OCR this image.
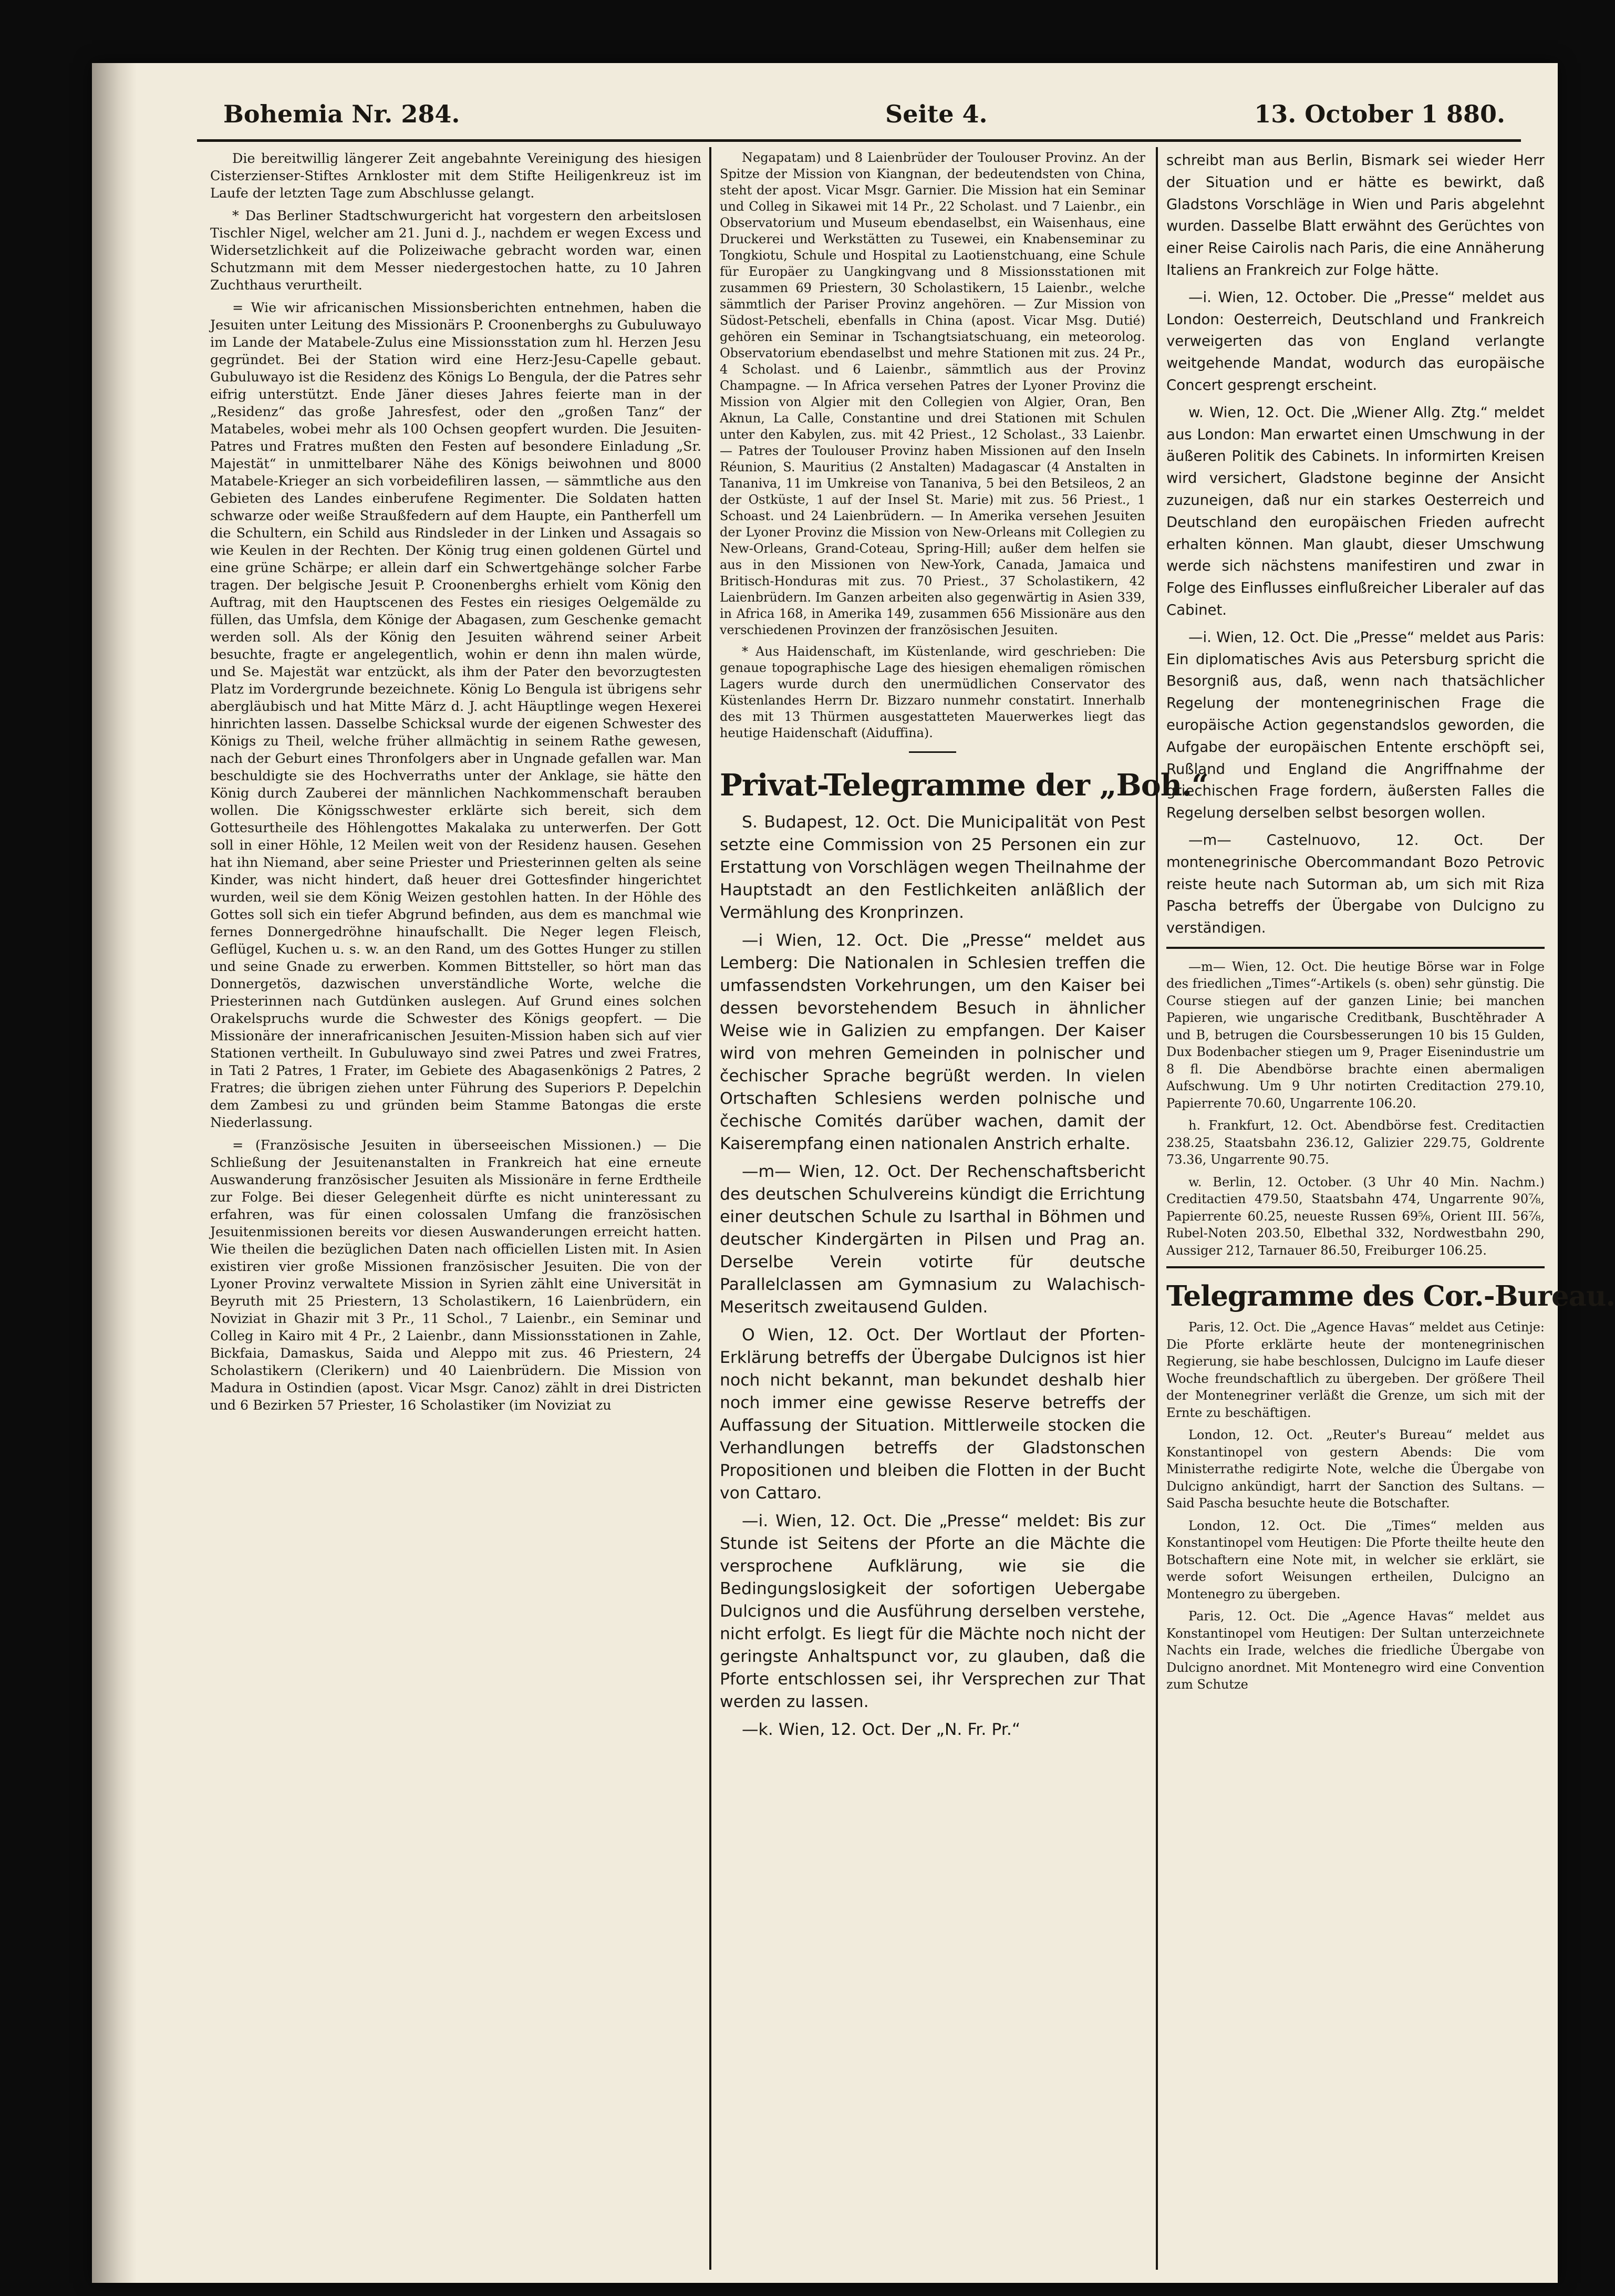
Bohemia Nr. 284.	Seite 4.	13. October 1 880.

Die bereitwillig längerer Zeit angebahnte Vereinigung des hiesigen Cisterzienser-Stiftes Arnkloster mit dem Stifte Heiligenkreuz ist im Laufe der letzten Tage zum Abschlusse gelangt.

* Das Berliner Stadtschwurgericht hat vorgestern den arbeitslosen Tischler Nigel, welcher am 21. Juni d. J., nachdem er wegen Excess und Widersetzlichkeit auf die Polizeiwache gebracht worden war, einen Schutzmann mit dem Messer niedergestochen hatte, zu 10 Jahren Zuchthaus verurtheilt.

= Wie wir africanischen Missionsberichten entnehmen, haben die Jesuiten unter Leitung des Missionärs P. Croonenberghs zu Gubuluwayo im Lande der Matabele-Zulus eine Missionsstation zum hl. Herzen Jesu gegründet. Bei der Station wird eine Herz-Jesu-Capelle gebaut. Gubuluwayo ist die Residenz des Königs Lo Bengulа, der die Patres sehr eifrig unterstützt. Ende Jäner dieses Jahres feierte man in der „Residenz“ das große Jahresfest, oder den „großen Tanz“ der Matabeles, wobei mehr als 100 Ochsen geopfert wurden. Die Jesuiten-Patres und Fratres mußten den Festen auf besondere Einladung „Sr. Majestät“ in unmittelbarer Nähe des Königs beiwohnen und 8000 Matabele-Krieger an sich vorbeidefiliren lassen, — sämmtliche aus den Gebieten des Landes einberufene Regimenter. Die Soldaten hatten schwarze oder weiße Straußfedern auf dem Haupte, ein Pantherfell um die Schultern, ein Schild aus Rindsleder in der Linken und Assagais so wie Keulen in der Rechten. Der König trug einen goldenen Gürtel und eine grüne Schärpe; er allein darf ein Schwertgehänge solcher Farbe tragen. Der belgische Jesuit P. Croonenberghs erhielt vom König den Auftrag, mit den Hauptscenen des Festes ein riesiges Oelgemälde zu füllen, das Umfsla, dem Könige der Abagasen, zum Geschenke gemacht werden soll. Als der König den Jesuiten während seiner Arbeit besuchte, fragte er angelegentlich, wohin er denn ihn malen würde, und Se. Majestät war entzückt, als ihm der Pater den bevorzugtesten Platz im Vordergrunde bezeichnete. König Lo Bengula ist übrigens sehr abergläubisch und hat Mitte März d. J. acht Häuptlinge wegen Hexerei hinrichten lassen. Dasselbe Schicksal wurde der eigenen Schwester des Königs zu Theil, welche früher allmächtig in seinem Rathe gewesen, nach der Geburt eines Thronfolgers aber in Ungnade gefallen war. Man beschuldigte sie des Hochverraths unter der Anklage, sie hätte den König durch Zauberei der männlichen Nachkommenschaft berauben wollen. Die Königsschwester erklärte sich bereit, sich dem Gottesurtheile des Höhlengottes Makalaka zu unterwerfen. Der Gott soll in einer Höhle, 12 Meilen weit von der Residenz hausen. Gesehen hat ihn Niemand, aber seine Priester und Priesterinnen gelten als seine Kinder, was nicht hindert, daß heuer drei Gottesfinder hingerichtet wurden, weil sie dem König Weizen gestohlen hatten. In der Höhle des Gottes soll sich ein tiefer Abgrund befinden, aus dem es manchmal wie fernes Donnergedröhne hinaufschallt. Die Neger legen Fleisch, Geflügel, Kuchen u. s. w. an den Rand, um des Gottes Hunger zu stillen und seine Gnade zu erwerben. Kommen Bittsteller, so hört man das Donnergetös, dazwischen unverständliche Worte, welche die Priesterinnen nach Gutdünken auslegen. Auf Grund eines solchen Orakelspruchs wurde die Schwester des Königs geopfert. — Die Missionäre der innerafricanischen Jesuiten-Mission haben sich auf vier Stationen vertheilt. In Gubuluwayo sind zwei Patres und zwei Fratres, in Tati 2 Patres, 1 Frater, im Gebiete des Abagasenkönigs 2 Patres, 2 Fratres; die übrigen ziehen unter Führung des Superiors P. Depelchin dem Zambesi zu und gründen beim Stamme Batongas die erste Niederlassung.

= (Französische Jesuiten in überseeischen Missionen.) — Die Schließung der Jesuitenanstalten in Frankreich hat eine erneute Auswanderung französischer Jesuiten als Missionäre in ferne Erdtheile zur Folge. Bei dieser Gelegenheit dürfte es nicht uninteressant zu erfahren, was für einen colossalen Umfang die französischen Jesuitenmissionen bereits vor diesen Auswanderungen erreicht hatten. Wie theilen die bezüglichen Daten nach officiellen Listen mit. In Asien existiren vier große Missionen französischer Jesuiten. Die von der Lyoner Provinz verwaltete Mission in Syrien zählt eine Universität in Beyruth mit 25 Priestern, 13 Scholastikern, 16 Laienbrüdern, ein Noviziat in Ghazir mit 3 Pr., 11 Schol., 7 Laienbr., ein Seminar und Colleg in Kairo mit 4 Pr., 2 Laienbr., dann Missionsstationen in Zahle, Bickfaia, Damaskus, Saida und Aleppo mit zus. 46 Priestern, 24 Scholastikern (Clerikern) und 40 Laienbrüdern. Die Mission von Madura in Ostindien (apost. Vicar Msgr. Canoz) zählt in drei Districten und 6 Bezirken 57 Priester, 16 Scholastiker (im Noviziat zu

Negapatam) und 8 Laienbrüder der Toulouser Provinz. An der Spitze der Mission von Kiangnan, der bedeutendsten von China, steht der apost. Vicar Msgr. Garnier. Die Mission hat ein Seminar und Colleg in Sikawei mit 14 Pr., 22 Scholast. und 7 Laienbr., ein Observatorium und Museum ebendaselbst, ein Waisenhaus, eine Druckerei und Werkstätten zu Tusewei, ein Knabenseminar zu Tongkiotu, Schule und Hospital zu Laotienstchuang, eine Schule für Europäer zu Uangkingvang und 8 Missionsstationen mit zusammen 69 Priestern, 30 Scholastikern, 15 Laienbr., welche sämmtlich der Pariser Provinz angehören. — Zur Mission von Südost-Petscheli, ebenfalls in China (apost. Vicar Msg. Dutié) gehören ein Seminar in Tschangtsiatschuang, ein meteorolog. Observatorium ebendaselbst und mehre Stationen mit zus. 24 Pr., 4 Scholast. und 6 Laienbr., sämmtlich aus der Provinz Champagne. — In Africa versehen Patres der Lyoner Provinz die Mission von Algier mit den Collegien von Algier, Oran, Ben Aknun, La Calle, Constantine und drei Stationen mit Schulen unter den Kabylen, zus. mit 42 Priest., 12 Scholast., 33 Laienbr. — Patres der Toulouser Provinz haben Missionen auf den Inseln Réunion, S. Mauritius (2 Anstalten) Madagascar (4 Anstalten in Tananiva, 11 im Umkreise von Tananiva, 5 bei den Betsileos, 2 an der Ostküste, 1 auf der Insel St. Marie) mit zus. 56 Priest., 1 Schoast. und 24 Laienbrüdern. — In Amerika versehen Jesuiten der Lyoner Provinz die Mission von New-Orleans mit Collegien zu New-Orleans, Grand-Coteau, Spring-Hill; außer dem helfen sie aus in den Missionen von New-York, Canada, Jamaica und Britisch-Honduras mit zus. 70 Priest., 37 Scholastikern, 42 Laienbrüdern. Im Ganzen arbeiten also gegenwärtig in Asien 339, in Africa 168, in Amerika 149, zusammen 656 Missionäre aus den verschiedenen Provinzen der französischen Jesuiten.

* Aus Haidenschaft, im Küstenlande, wird geschrieben: Die genaue topographische Lage des hiesigen ehemaligen römischen Lagers wurde durch den unermüdlichen Conservator des Küstenlandes Herrn Dr. Bizzaro nunmehr constatirt. Innerhalb des mit 13 Thürmen ausgestatteten Mauerwerkes liegt das heutige Haidenschaft (Aiduffina).

Privat-Telegramme der „Boh.“

S. Budapest, 12. Oct. Die Municipalität von Pest setzte eine Commission von 25 Personen ein zur Erstattung von Vorschlägen wegen Theilnahme der Hauptstadt an den Festlichkeiten anläßlich der Vermählung des Kronprinzen.

—i Wien, 12. Oct. Die „Presse“ meldet aus Lemberg: Die Nationalen in Schlesien treffen die umfassendsten Vorkehrungen, um den Kaiser bei dessen bevorstehendem Besuch in ähnlicher Weise wie in Galizien zu empfangen. Der Kaiser wird von mehren Gemeinden in polnischer und čechischer Sprache begrüßt werden. In vielen Ortschaften Schlesiens werden polnische und čechische Comités darüber wachen, damit der Kaiserempfang einen nationalen Anstrich erhalte.

—m— Wien, 12. Oct. Der Rechenschaftsbericht des deutschen Schulvereins kündigt die Errichtung einer deutschen Schule zu Isarthal in Böhmen und deutscher Kindergärten in Pilsen und Prag an. Derselbe Verein votirte für deutsche Parallelclassen am Gymnasium zu Walachisch-Meseritsch zweitausend Gulden.

O Wien, 12. Oct. Der Wortlaut der Pforten-Erklärung betreffs der Übergabe Dulcignos ist hier noch nicht bekannt, man bekundet deshalb hier noch immer eine gewisse Reserve betreffs der Auffassung der Situation. Mittlerweile stocken die Verhandlungen betreffs der Gladstonschen Propositionen und bleiben die Flotten in der Bucht von Cattaro.

—i. Wien, 12. Oct. Die „Presse“ meldet: Bis zur Stunde ist Seitens der Pforte an die Mächte die versprochene Aufklärung, wie sie die Bedingungslosigkeit der sofortigen Uebergabe Dulcignos und die Ausführung derselben verstehe, nicht erfolgt. Es liegt für die Mächte noch nicht der geringste Anhaltspunct vor, zu glauben, daß die Pforte entschlossen sei, ihr Versprechen zur That werden zu lassen.

—k. Wien, 12. Oct. Der „N. Fr. Pr.“

schreibt man aus Berlin, Bismark sei wieder Herr der Situation und er hätte es bewirkt, daß Gladstons Vorschläge in Wien und Paris abgelehnt wurden. Dasselbe Blatt erwähnt des Gerüchtes von einer Reise Cairolis nach Paris, die eine Annäherung Italiens an Frankreich zur Folge hätte.

—i. Wien, 12. October. Die „Presse“ meldet aus London: Oesterreich, Deutschland und Frankreich verweigerten das von England verlangte weitgehende Mandat, wodurch das europäische Concert gesprengt erscheint.

w. Wien, 12. Oct. Die „Wiener Allg. Ztg.“ meldet aus London: Man erwartet einen Umschwung in der äußeren Politik des Cabinets. In informirten Kreisen wird versichert, Gladstone beginne der Ansicht zuzuneigen, daß nur ein starkes Oesterreich und Deutschland den europäischen Frieden aufrecht erhalten können. Man glaubt, dieser Umschwung werde sich nächstens manifestiren und zwar in Folge des Einflusses einflußreicher Liberaler auf das Cabinet.

—i. Wien, 12. Oct. Die „Presse“ meldet aus Paris: Ein diplomatisches Avis aus Petersburg spricht die Besorgniß aus, daß, wenn nach thatsächlicher Regelung der montenegrinischen Frage die europäische Action gegenstandslos geworden, die Aufgabe der europäischen Entente erschöpft sei, Rußland und England die Angriffnahme der griechischen Frage fordern, äußersten Falles die Regelung derselben selbst besorgen wollen.

—m— Castelnuovo, 12. Oct. Der montenegrinische Obercommandant Bozo Petrovic reiste heute nach Sutorman ab, um sich mit Riza Pascha betreffs der Übergabe von Dulcigno zu verständigen.

—m— Wien, 12. Oct. Die heutige Börse war in Folge des friedlichen „Times“-Artikels (s. oben) sehr günstig. Die Course stiegen auf der ganzen Linie; bei manchen Papieren, wie ungarische Creditbank, Buschtěhrader A und B, betrugen die Coursbesserungen 10 bis 15 Gulden, Dux Bodenbacher stiegen um 9, Prager Eisenindustrie um 8 fl. Die Abendbörse brachte einen abermaligen Aufschwung. Um 9 Uhr notirten Creditaction 279.10, Papierrente 70.60, Ungarrente 106.20.

h. Frankfurt, 12. Oct. Abendbörse fest. Creditactien 238.25, Staatsbahn 236.12, Galizier 229.75, Goldrente 73.36, Ungarrente 90.75.

w. Berlin, 12. October. (3 Uhr 40 Min. Nachm.) Creditactien 479.50, Staatsbahn 474, Ungarrente 90⅞, Papierrente 60.25, neueste Russen 69⅝, Orient III. 56⅞, Rubel-Noten 203.50, Elbethal 332, Nordwestbahn 290, Aussiger 212, Tarnauer 86.50, Freiburger 106.25.

Telegramme des Cor.-Bureau.

Paris, 12. Oct. Die „Agence Havas“ meldet aus Cetinje: Die Pforte erklärte heute der montenegrinischen Regierung, sie habe beschlossen, Dulcigno im Laufe dieser Woche freundschaftlich zu übergeben. Der größere Theil der Montenegriner verläßt die Grenze, um sich mit der Ernte zu beschäftigen.

London, 12. Oct. „Reuter's Bureau“ meldet aus Konstantinopel von gestern Abends: Die vom Ministerrathe redigirte Note, welche die Übergabe von Dulcigno ankündigt, harrt der Sanction des Sultans. — Said Pascha besuchte heute die Botschafter.

London, 12. Oct. Die „Times“ melden aus Konstantinopel vom Heutigen: Die Pforte theilte heute den Botschaftern eine Note mit, in welcher sie erklärt, sie werde sofort Weisungen ertheilen, Dulcigno an Montenegro zu übergeben.

Paris, 12. Oct. Die „Agence Havas“ meldet aus Konstantinopel vom Heutigen: Der Sultan unterzeichnete Nachts ein Irade, welches die friedliche Übergabe von Dulcigno anordnet. Mit Montenegro wird eine Convention zum Schutze
